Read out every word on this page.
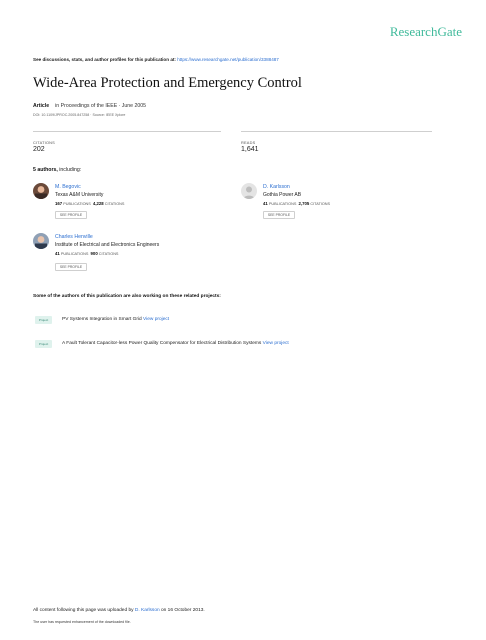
ResearchGate
See discussions, stats, and author profiles for this publication at: https://www.researchgate.net/publication/3388487
Wide-Area Protection and Emergency Control
Article in Proceedings of the IEEE · June 2005
DOI: 10.1109/JPROC.2005.847258 · Source: IEEE Xplore
CITATIONS
202
READS
1,641
5 authors, including:
M. Begovic
Texas A&M University
167 PUBLICATIONS 4,228 CITATIONS
SEE PROFILE
D. Karlsson
Gothia Power AB
41 PUBLICATIONS 2,705 CITATIONS
SEE PROFILE
Charles Henville
Institute of Electrical and Electronics Engineers
41 PUBLICATIONS 900 CITATIONS
SEE PROFILE
Some of the authors of this publication are also working on these related projects:
Project	PV Systems Integration in Smart Grid View project
Project	A Fault Tolerant Capacitor-less Power Quality Compensator for Electrical Distribution Systems View project
All content following this page was uploaded by D. Karlsson on 16 October 2013.
The user has requested enhancement of the downloaded file.
